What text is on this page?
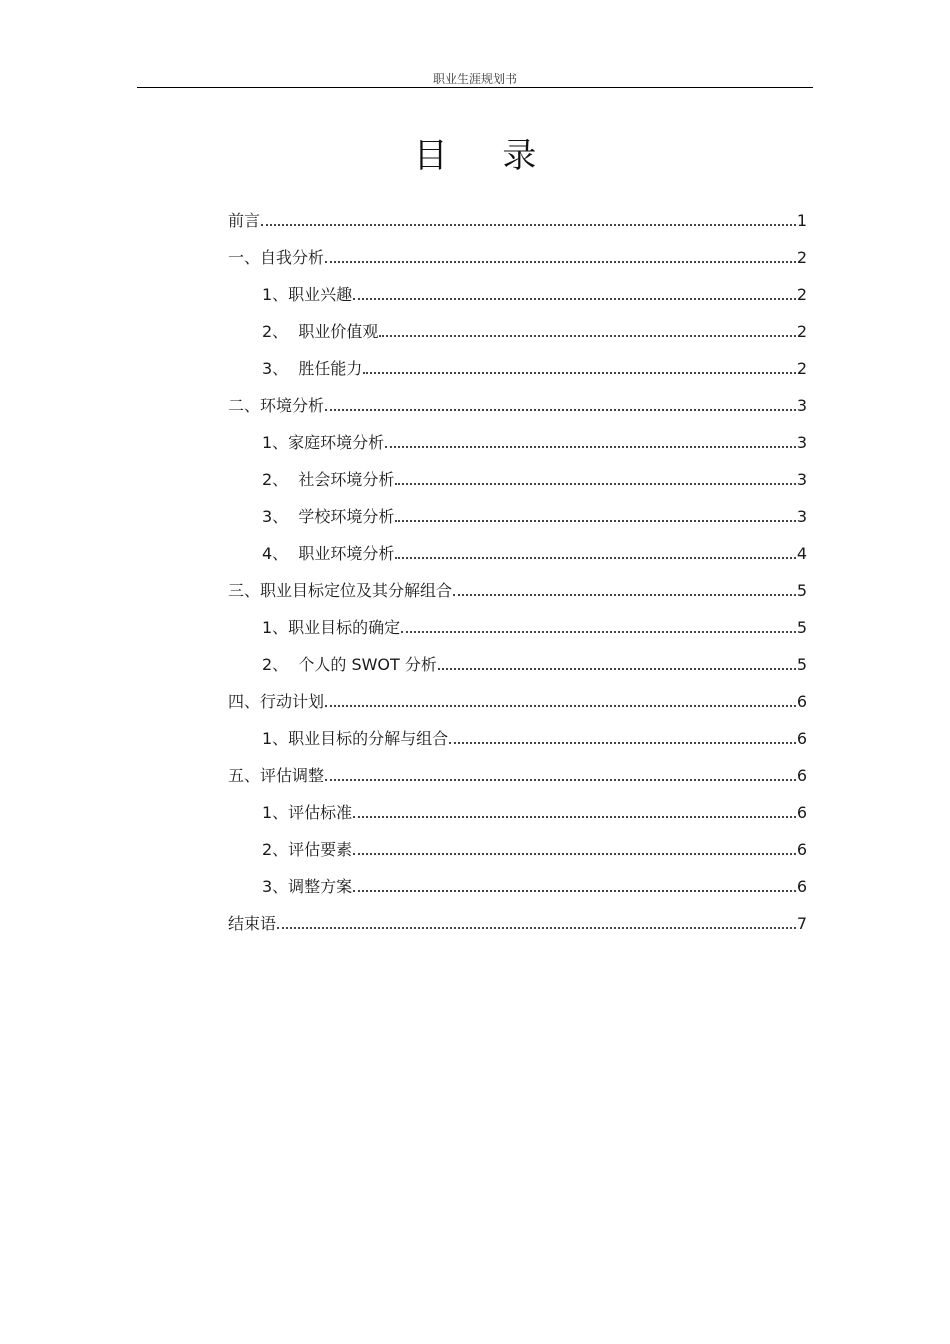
职业生涯规划书
目 录
前言	1
一、自我分析	2
1、职业兴趣	2
2、  职业价值观	2
3、  胜任能力	2
二、环境分析	3
1、家庭环境分析	3
2、  社会环境分析	3
3、  学校环境分析	3
4、  职业环境分析	4
三、职业目标定位及其分解组合	5
1、职业目标的确定	5
2、  个人的 SWOT 分析	5
四、行动计划	6
1、职业目标的分解与组合	6
五、评估调整	6
1、评估标准	6
2、评估要素	6
3、调整方案	6
结束语	7
